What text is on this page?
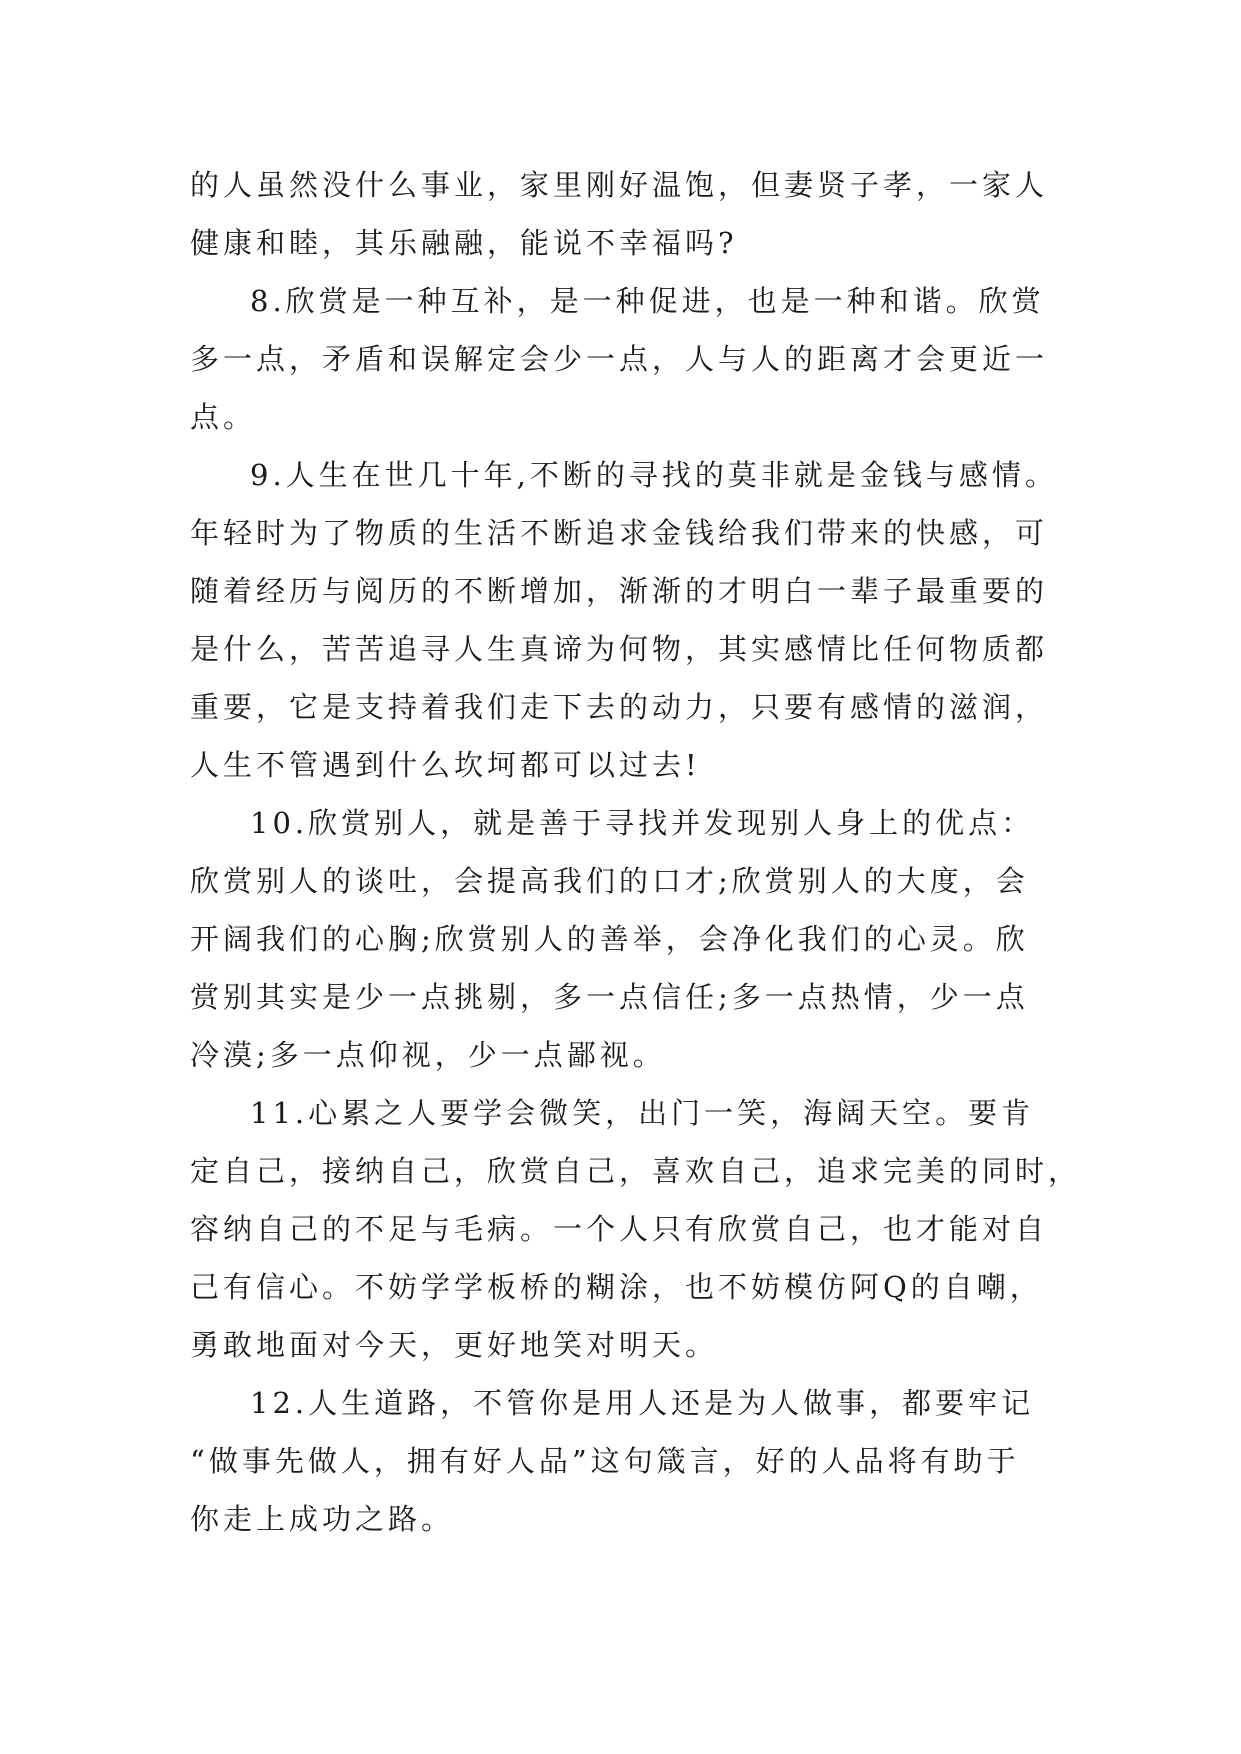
的人虽然没什么事业，家里刚好温饱，但妻贤子孝，一家人
健康和睦，其乐融融，能说不幸福吗?
8.欣赏是一种互补，是一种促进，也是一种和谐。欣赏
多一点，矛盾和误解定会少一点，人与人的距离才会更近一
点。
9.人生在世几十年,不断的寻找的莫非就是金钱与感情。
年轻时为了物质的生活不断追求金钱给我们带来的快感，可
随着经历与阅历的不断增加，渐渐的才明白一辈子最重要的
是什么，苦苦追寻人生真谛为何物，其实感情比任何物质都
重要，它是支持着我们走下去的动力，只要有感情的滋润，
人生不管遇到什么坎坷都可以过去!
10.欣赏别人，就是善于寻找并发现别人身上的优点：
欣赏别人的谈吐，会提高我们的口才;欣赏别人的大度，会
开阔我们的心胸;欣赏别人的善举，会净化我们的心灵。欣
赏别其实是少一点挑剔，多一点信任;多一点热情，少一点
冷漠;多一点仰视，少一点鄙视。
11.心累之人要学会微笑，出门一笑，海阔天空。要肯
定自己，接纳自己，欣赏自己，喜欢自己，追求完美的同时，
容纳自己的不足与毛病。一个人只有欣赏自己，也才能对自
己有信心。不妨学学板桥的糊涂，也不妨模仿阿Q的自嘲，
勇敢地面对今天，更好地笑对明天。
12.人生道路，不管你是用人还是为人做事，都要牢记
“做事先做人，拥有好人品”这句箴言，好的人品将有助于
你走上成功之路。
